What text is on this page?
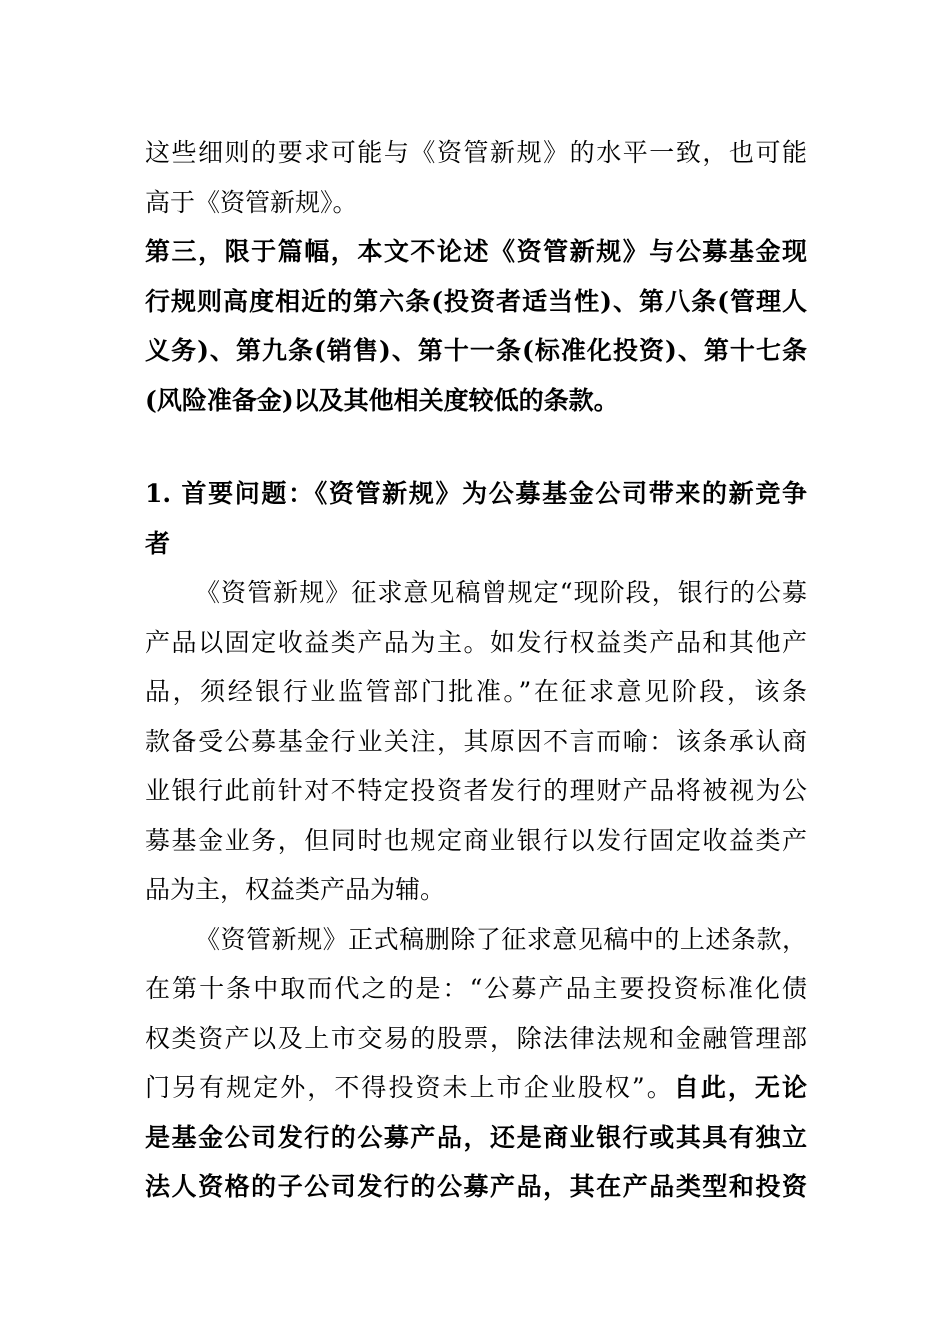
这些细则的要求可能与《资管新规》的水平一致，也可能
高于《资管新规》。
第三，限于篇幅，本文不论述《资管新规》与公募基金现
行规则高度相近的第六条(投资者适当性)、第八条(管理人
义务)、第九条(销售)、第十一条(标准化投资)、第十七条
(风险准备金)以及其他相关度较低的条款。
1. 首要问题：《资管新规》为公募基金公司带来的新竞争
者
《资管新规》征求意见稿曾规定“现阶段，银行的公募
产品以固定收益类产品为主。如发行权益类产品和其他产
品，须经银行业监管部门批准。”在征求意见阶段，该条
款备受公募基金行业关注，其原因不言而喻：该条承认商
业银行此前针对不特定投资者发行的理财产品将被视为公
募基金业务，但同时也规定商业银行以发行固定收益类产
品为主，权益类产品为辅。
《资管新规》正式稿删除了征求意见稿中的上述条款，
在第十条中取而代之的是：“公募产品主要投资标准化债
权类资产以及上市交易的股票，除法律法规和金融管理部
门另有规定外，不得投资未上市企业股权”。自此，无论
是基金公司发行的公募产品，还是商业银行或其具有独立
法人资格的子公司发行的公募产品，其在产品类型和投资
